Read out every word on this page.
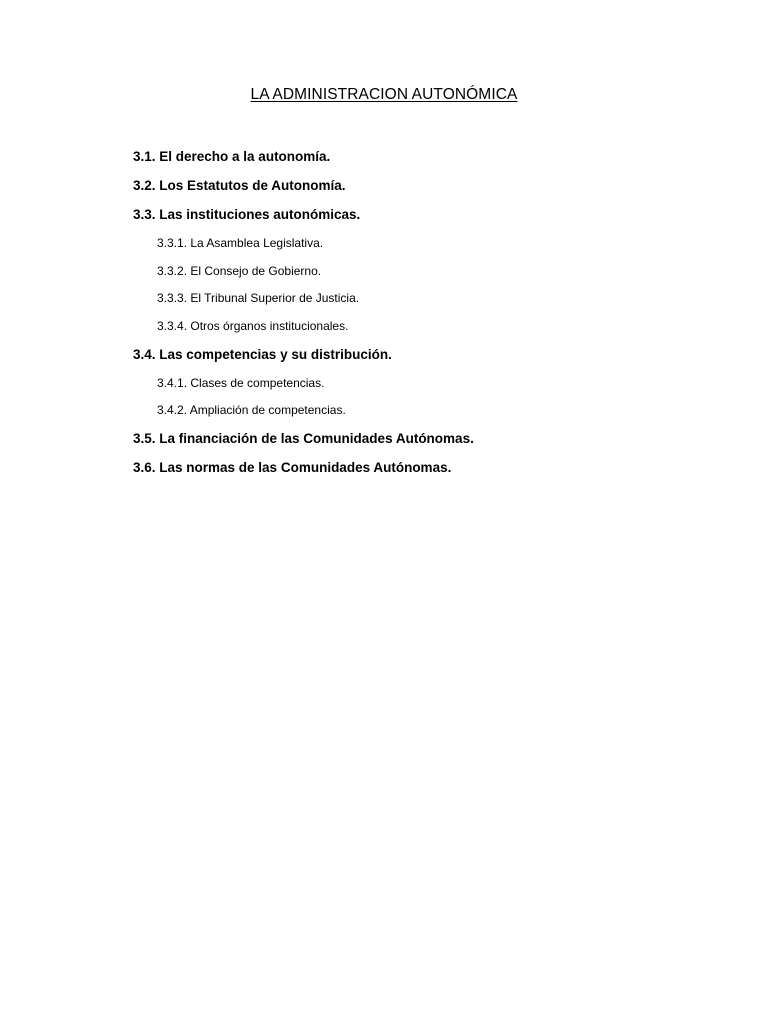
LA ADMINISTRACION AUTONÓMICA
3.1. El derecho a la autonomía.
3.2. Los Estatutos de Autonomía.
3.3. Las instituciones autonómicas.
3.3.1. La Asamblea Legislativa.
3.3.2. El Consejo de Gobierno.
3.3.3. El Tribunal Superior de Justicia.
3.3.4. Otros órganos institucionales.
3.4. Las competencias y su distribución.
3.4.1. Clases de competencias.
3.4.2. Ampliación de competencias.
3.5. La financiación de las Comunidades Autónomas.
3.6. Las normas de las Comunidades Autónomas.
